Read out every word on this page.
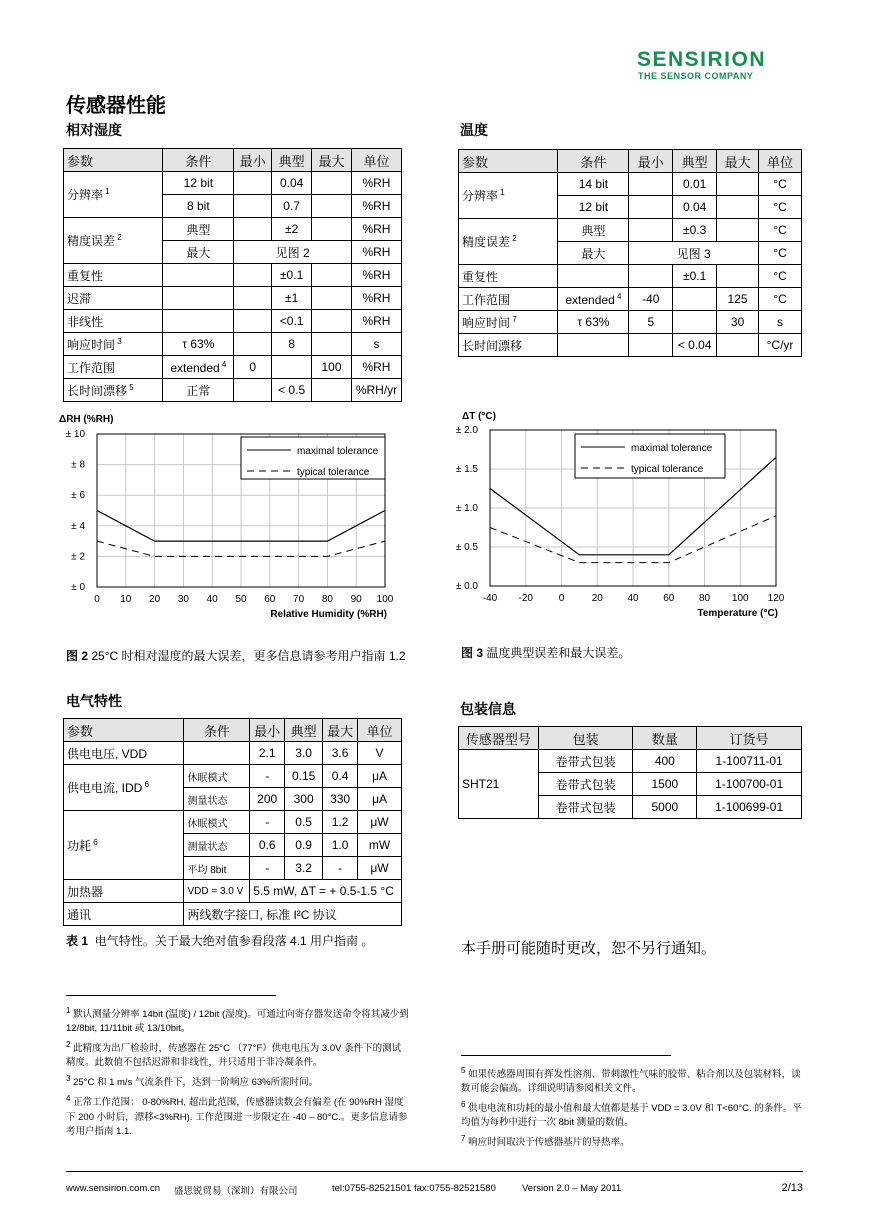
SENSIRION
THE SENSOR COMPANY
传感器性能
相对湿度	温度
参数	条件	最小	典型	最大	单位
分辨率 $^1$	12 bit		0.04		%RH
	8 bit		0.7		%RH
精度误差 $^2$	典型		±2		%RH
	最大	见图 2			%RH
重复性			±0.1		%RH
迟滞			±1		%RH
非线性			<0.1		%RH
响应时间 $^3$	τ 63%		8		s
工作范围	extended $^4$	0		100	%RH
长时间漂移 $^5$	正常		< 0.5		%RH/yr
参数	条件	最小	典型	最大	单位
分辨率 $^1$	14 bit		0.01		°C
	12 bit		0.04		°C
精度误差 $^2$	典型		±0.3		°C
	最大	见图 3			°C
重复性			±0.1		°C
工作范围	extended $^4$	-40		125	°C
响应时间 $^7$	τ 63%	5		30	s
长时间漂移			< 0.04		°C/yr
0 10 20 30 40 50 60 70 80 90 100
± 0
± 2
± 4
± 6
± 8
± 10
ΔRH (%RH)
Relative Humidity (%RH)
maximal tolerance
typical tolerance
-40 -20	0	20 40 60 80 100 120
± 0.0
± 0.5
± 1.0
± 1.5
± 2.0
ΔT (°C)
Temperature (°C)
maximal tolerance
typical tolerance
图 2 25°C 时相对湿度的最大误差，更多信息请参考用户指南 1.2	图 3 温度典型误差和最大误差。
电气特性	包装信息
参数	条件	最小	典型	最大	单位
供电电压, VDD		2.1	3.0	3.6	V
供电电流, IDD $^6$	休眠模式	-	0.15	0.4	μA
	测量状态	200	300	330	μA
功耗 $^6$	休眠模式	-	0.5	1.2	μW
	测量状态	0.6	0.9	1.0	mW
	平均 8bit	-	3.2	-	μW
加热器	VDD = 3.0 V	5.5 mW, ΔT = + 0.5-1.5 °C			
通讯	两线数字接口, 标准 I²C 协议				
传感器型号	包装	数量	订货号
SHT21	卷带式包装	400	1-100711-01
	卷带式包装	1500	1-100700-01
	卷带式包装	5000	1-100699-01
表 1 电气特性。关于最大绝对值参看段落 4.1 用户指南 。	本手册可能随时更改，恕不另行通知。
$^1$ 默认测量分辨率 14bit (温度) / 12bit (湿度)。可通过向寄存器发送命令将其减少到 12/8bit, 11/11bit 或 13/10bit。
$^2$ 此精度为出厂检验时，传感器在 25°C （77°F）供电电压为 3.0V 条件下的测试精度。此数值不包括迟滞和非线性，并只适用于非冷凝条件。
$^3$ 25°C 和 1 m/s 气流条件下，达到一阶响应 63%所需时间。
$^4$ 正常工作范围： 0-80%RH, 超出此范围，传感器读数会有偏差 (在 90%RH 湿度下 200 小时后，漂移<3%RH). 工作范围进一步限定在 -40 – 80°C.。更多信息请参考用户指南 1.1.
$^5$ 如果传感器周围有挥发性溶剂、带刺激性气味的胶带、粘合剂以及包装材料，读数可能会偏高。详细说明请参阅相关文件。
$^6$ 供电电流和功耗的最小值和最大值都是基于 VDD = 3.0V 和 T<60°C. 的条件。平均值为每秒中进行一次 8bit 测量的数值。
$^7$ 响应时间取决于传感器基片的导热率。
www.sensirion.com.cn 盛思锐贸易（深圳）有限公司	tel:0755-82521501 fax:0755-82521580	Version 2.0 – May 2011	2/13
